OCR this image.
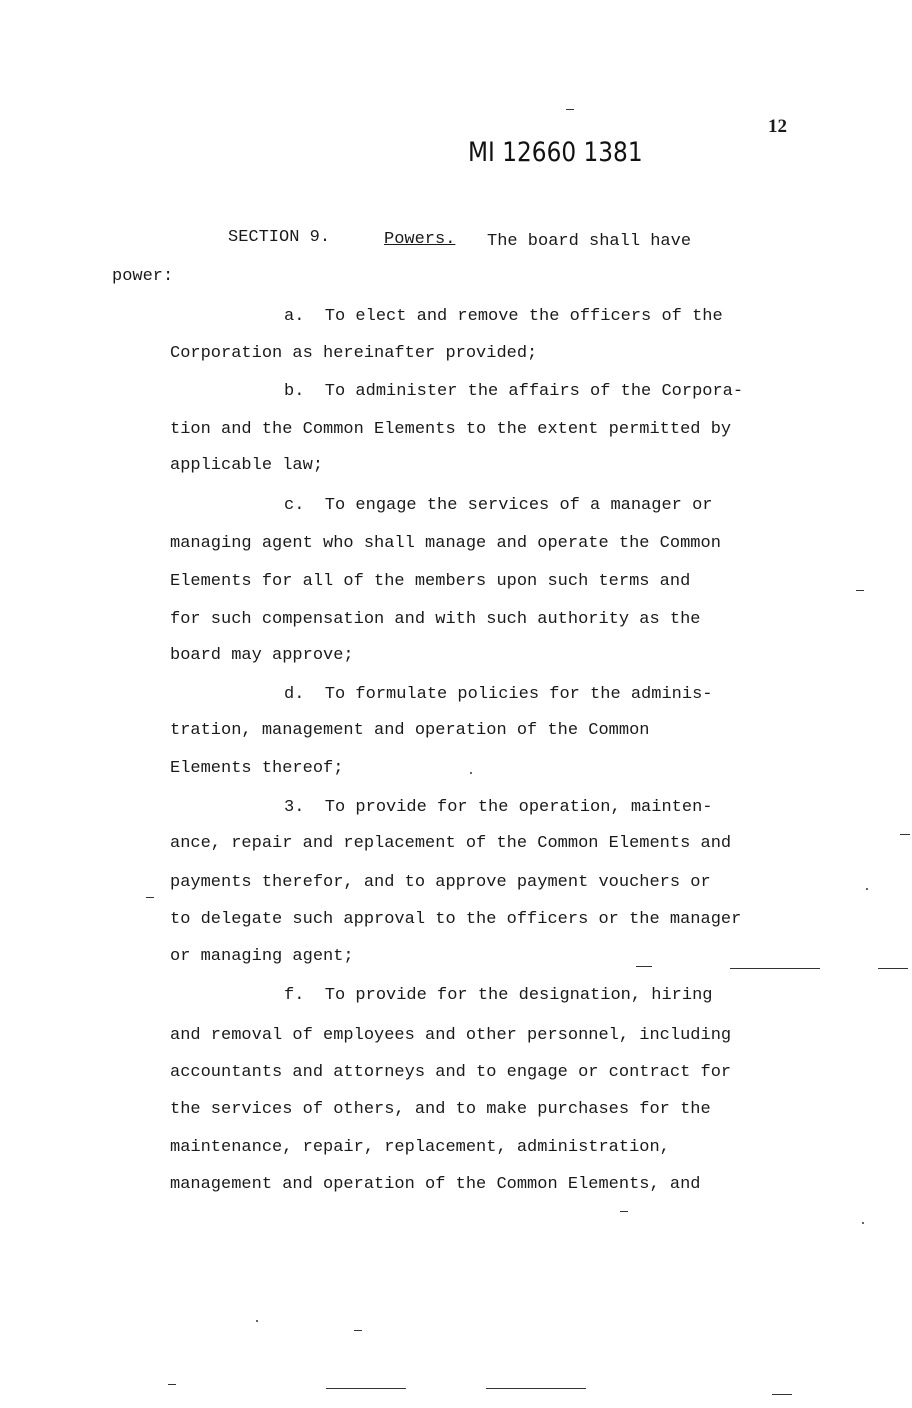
12
MI 12660 1381
SECTION 9.	Powers. The board shall have
power:
a.  To elect and remove the officers of the
Corporation as hereinafter provided;
b.  To administer the affairs of the Corpora-
tion and the Common Elements to the extent permitted by
applicable law;
c.  To engage the services of a manager or
managing agent who shall manage and operate the Common
Elements for all of the members upon such terms and
for such compensation and with such authority as the
board may approve;
d.  To formulate policies for the adminis-
tration, management and operation of the Common
Elements thereof;
3.  To provide for the operation, mainten-
ance, repair and replacement of the Common Elements and
payments therefor, and to approve payment vouchers or
to delegate such approval to the officers or the manager
or managing agent;
f.  To provide for the designation, hiring
and removal of employees and other personnel, including
accountants and attorneys and to engage or contract for
the services of others, and to make purchases for the
maintenance, repair, replacement, administration,
management and operation of the Common Elements, and
